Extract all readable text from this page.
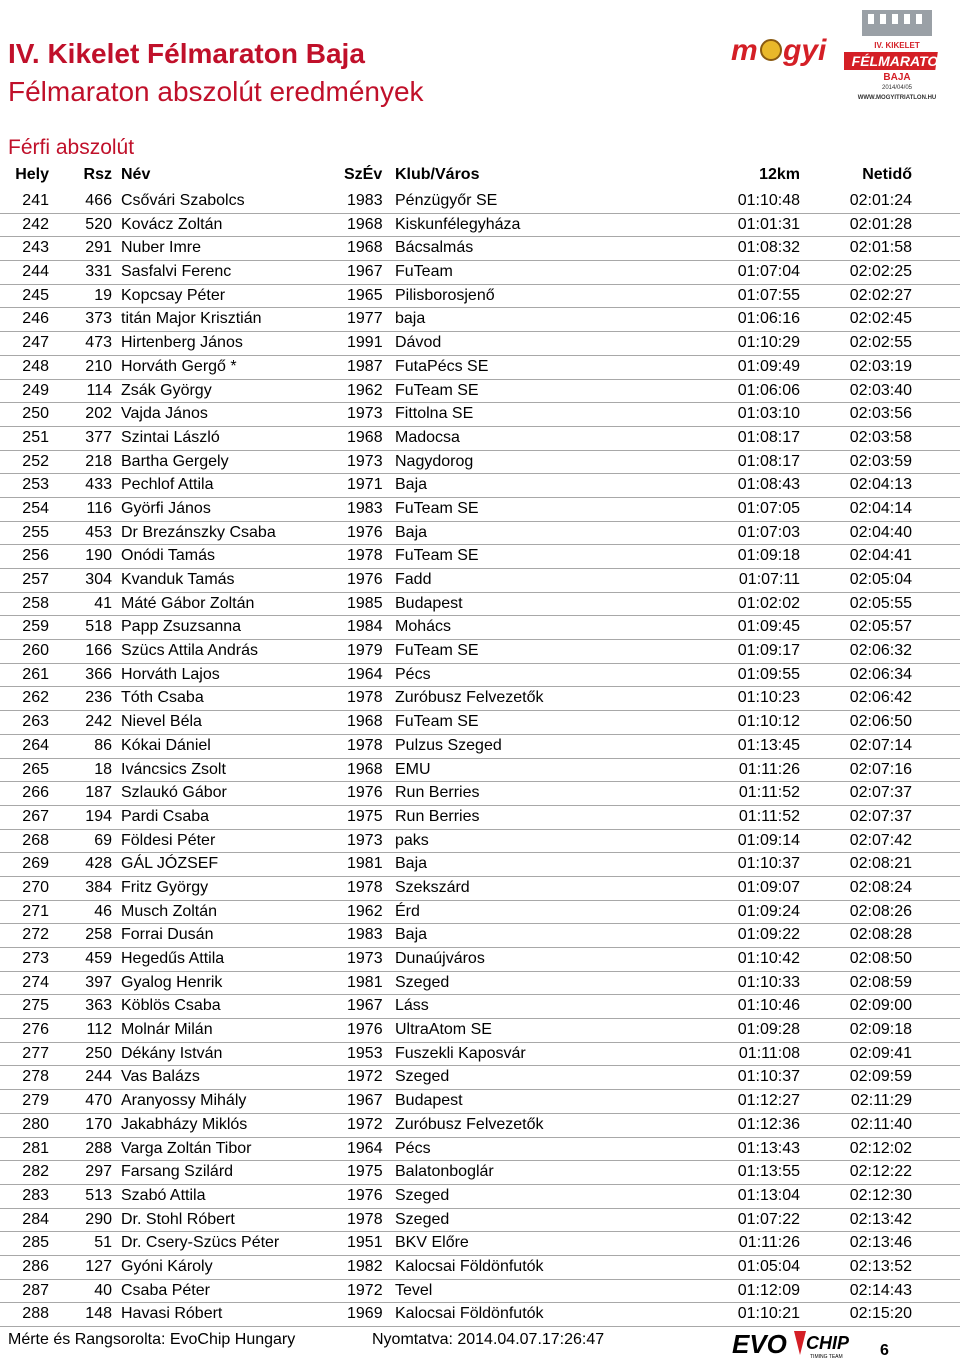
IV. Kikelet Félmaraton Baja
Félmaraton abszolút eredmények
Férfi abszolút
m gyi	IV. KIKELET
FÉLMARATON
BAJA
2014/04/05
WWW.MOGYITRIATLON.HU
Hely Rsz Név	SzÉv Klub/Város	12km	Netidő
241 466 Csővári Szabolcs	1983 Pénzügyőr SE	01:10:48	02:01:24
242 520 Kovácz Zoltán	1968 Kiskunfélegyháza	01:01:31	02:01:28
243 291 Nuber Imre	1968 Bácsalmás	01:08:32	02:01:58
244 331 Sasfalvi Ferenc	1967 FuTeam	01:07:04	02:02:25
245	19 Kopcsay Péter	1965 Pilisborosjenő	01:07:55	02:02:27
246 373 titán Major Krisztián	1977 baja	01:06:16	02:02:45
247 473 Hirtenberg János	1991 Dávod	01:10:29	02:02:55
248 210 Horváth Gergő *	1987 FutaPécs SE	01:09:49	02:03:19
249 114 Zsák György	1962 FuTeam SE	01:06:06	02:03:40
250 202 Vajda János	1973 Fittolna SE	01:03:10	02:03:56
251 377 Szintai László	1968 Madocsa	01:08:17	02:03:58
252 218 Bartha Gergely	1973 Nagydorog	01:08:17	02:03:59
253 433 Pechlof Attila	1971 Baja	01:08:43	02:04:13
254 116 Györfi János	1983 FuTeam SE	01:07:05	02:04:14
255 453 Dr Brezánszky Csaba	1976 Baja	01:07:03	02:04:40
256 190 Onódi Tamás	1978 FuTeam SE	01:09:18	02:04:41
257 304 Kvanduk Tamás	1976 Fadd	01:07:11	02:05:04
258	41 Máté Gábor Zoltán	1985 Budapest	01:02:02	02:05:55
259 518 Papp Zsuzsanna	1984 Mohács	01:09:45	02:05:57
260 166 Szücs Attila András	1979 FuTeam SE	01:09:17	02:06:32
261 366 Horváth Lajos	1964 Pécs	01:09:55	02:06:34
262 236 Tóth Csaba	1978 Zuróbusz Felvezetők	01:10:23	02:06:42
263 242 Nievel Béla	1968 FuTeam SE	01:10:12	02:06:50
264	86 Kókai Dániel	1978 Pulzus Szeged	01:13:45	02:07:14
265	18 Iváncsics Zsolt	1968 EMU	01:11:26	02:07:16
266 187 Szlaukó Gábor	1976 Run Berries	01:11:52	02:07:37
267 194 Pardi Csaba	1975 Run Berries	01:11:52	02:07:37
268	69 Földesi Péter	1973 paks	01:09:14	02:07:42
269 428 GÁL JÓZSEF	1981 Baja	01:10:37	02:08:21
270 384 Fritz György	1978 Szekszárd	01:09:07	02:08:24
271	46 Musch Zoltán	1962 Érd	01:09:24	02:08:26
272 258 Forrai Dusán	1983 Baja	01:09:22	02:08:28
273 459 Hegedűs Attila	1973 Dunaújváros	01:10:42	02:08:50
274 397 Gyalog Henrik	1981 Szeged	01:10:33	02:08:59
275 363 Köblös Csaba	1967 Láss	01:10:46	02:09:00
276 112 Molnár Milán	1976 UltraAtom SE	01:09:28	02:09:18
277 250 Dékány István	1953 Fuszekli Kaposvár	01:11:08	02:09:41
278 244 Vas Balázs	1972 Szeged	01:10:37	02:09:59
279 470 Aranyossy Mihály	1967 Budapest	01:12:27	02:11:29
280 170 Jakabházy Miklós	1972 Zuróbusz Felvezetők	01:12:36	02:11:40
281 288 Varga Zoltán Tibor	1964 Pécs	01:13:43	02:12:02
282 297 Farsang Szilárd	1975 Balatonboglár	01:13:55	02:12:22
283 513 Szabó Attila	1976 Szeged	01:13:04	02:12:30
284 290 Dr. Stohl Róbert	1978 Szeged	01:07:22	02:13:42
285	51 Dr. Csery-Szücs Péter	1951 BKV Előre	01:11:26	02:13:46
286 127 Gyóni Károly	1982 Kalocsai Földönfutók	01:05:04	02:13:52
287	40 Csaba Péter	1972 Tevel	01:12:09	02:14:43
288 148 Havasi Róbert	1969 Kalocsai Földönfutók	01:10:21	02:15:20
Mérte és Rangsorolta: EvoChip Hungary	Nyomtatva: 2014.04.07.17:26:47	EVO CHIP
TIMING TEAM 6
